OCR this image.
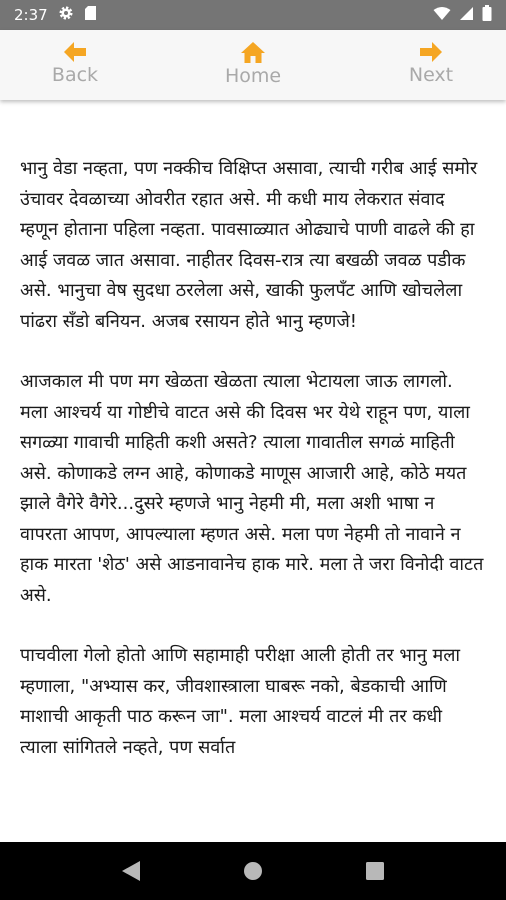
2:37
Back	Home	Next

भानु वेडा नव्हता, पण नक्कीच विक्षिप्त असावा, त्याची गरीब आई समोर उंचावर देवळाच्या ओवरीत रहात असे. मी कधी माय लेकरात संवाद म्हणून होताना पहिला नव्हता. पावसाळ्यात ओढ्याचे पाणी वाढले की हा आई जवळ जात असावा. नाहीतर दिवस-रात्र त्या बखळी जवळ पडीक असे. भानुचा वेष सुदधा ठरलेला असे, खाकी फुलपँट आणि खोचलेला पांढरा सँडो बनियन. अजब रसायन होते भानु म्हणजे!

आजकाल मी पण मग खेळता खेळता त्याला भेटायला जाऊ लागलो. मला आश्चर्य या गोष्टीचे वाटत असे की दिवस भर येथे राहून पण, याला सगळ्या गावाची माहिती कशी असते? त्याला गावातील सगळं माहिती असे. कोणाकडे लग्न आहे, कोणाकडे माणूस आजारी आहे, कोठे मयत झाले वैगेरे वैगेरे...दुसरे म्हणजे भानु नेहमी मी, मला अशी भाषा न वापरता आपण, आपल्याला म्हणत असे. मला पण नेहमी तो नावाने न हाक मारता 'शेठ' असे आडनावानेच हाक मारे. मला ते जरा विनोदी वाटत असे.

पाचवीला गेलो होतो आणि सहामाही परीक्षा आली होती तर भानु मला म्हणाला, "अभ्यास कर, जीवशास्त्राला घाबरू नको, बेडकाची आणि माशाची आकृती पाठ करून जा". मला आश्चर्य वाटलं मी तर कधी त्याला सांगितले नव्हते, पण सर्वात
